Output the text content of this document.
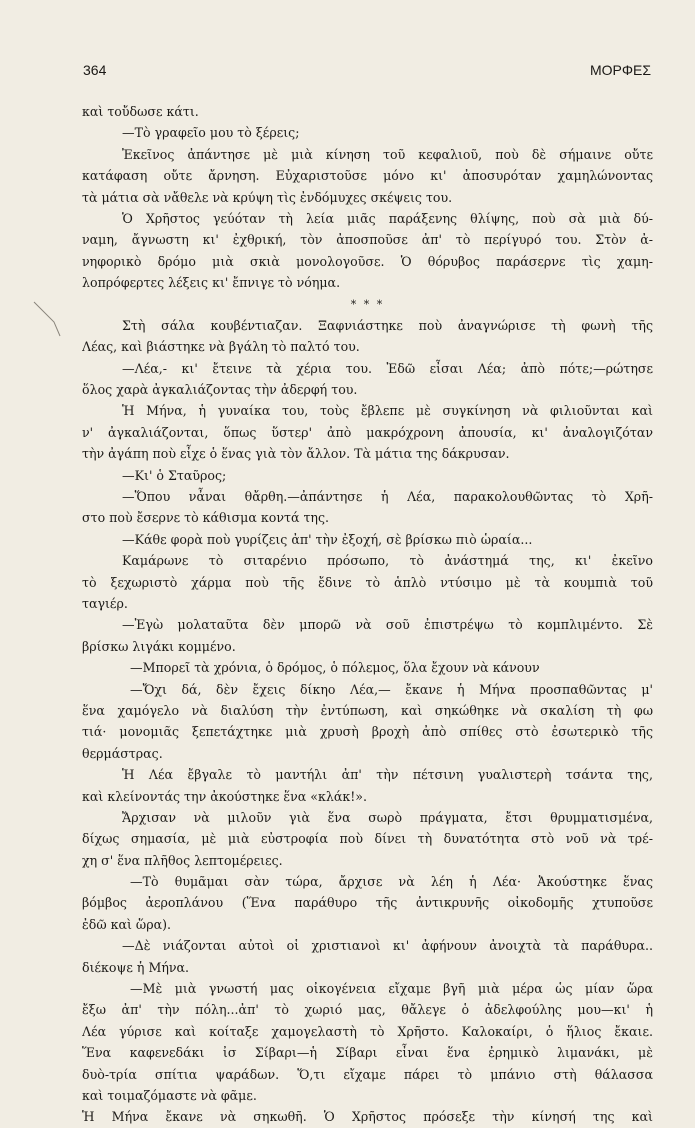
364	ΜΟΡΦΕΣ
καὶ τοὔδωσε κάτι.
—Τὸ γραφεῖο μου τὸ ξέρεις;
Ἐκεῖνος ἀπάντησε μὲ μιὰ κίνηση τοῦ κεφαλιοῦ, ποὺ δὲ σήμαινε οὔτε
κατάφαση οὔτε ἄρνηση. Εὐχαριστοῦσε μόνο κι' ἀποσυρόταν χαμηλώνοντας
τὰ μάτια σὰ νἄθελε νὰ κρύψη τὶς ἐνδόμυχες σκέψεις του.
Ὁ Χρῆστος γεύόταν τὴ λεία μιᾶς παράξενης θλίψης, ποὺ σὰ μιὰ δύ-
ναμη, ἄγνωστη κι' ἐχθρική, τὸν ἀποσποῦσε ἀπ' τὸ περίγυρό του. Στὸν ἀ-
νηφορικὸ δρόμο μιὰ σκιὰ μονολογοῦσε. Ὁ θόρυβος παράσερνε τὶς χαμη-
λοπρόφερτες λέξεις κι' ἔπνιγε τὸ νόημα.
* * *
Στὴ σάλα κουβέντιαζαν. Ξαφνιάστηκε ποὺ ἀναγνώρισε τὴ φωνὴ τῆς
Λέας, καὶ βιάστηκε νὰ βγάλη τὸ παλτό του.
—Λέα,- κι' ἔτεινε τὰ χέρια του. Ἐδῶ εἶσαι Λέα; ἀπὸ πότε;—ρώτησε
ὅλος χαρὰ ἀγκαλιάζοντας τὴν ἀδερφή του.
Ἡ Μήνα, ἡ γυναίκα του, τοὺς ἔβλεπε μὲ συγκίνηση νὰ φιλιοῦνται καὶ
ν' ἀγκαλιάζονται, ὅπως ὕστερ' ἀπὸ μακρόχρονη ἀπουσία, κι' ἀναλογιζόταν
τὴν ἀγάπη ποὺ εἶχε ὁ ἕνας γιὰ τὸν ἄλλον. Τὰ μάτια της δάκρυσαν.
—Κι' ὁ Σταῦρος;
—Ὅπου νἆναι θἄρθη.—ἀπάντησε ἡ Λέα, παρακολουθῶντας τὸ Χρῆ-
στο ποὺ ἔσερνε τὸ κάθισμα κοντά της.
—Κάθε φορὰ ποὺ γυρίζεις ἀπ' τὴν ἐξοχή, σὲ βρίσκω πιὸ ὡραία...
Καμάρωνε τὸ σιταρένιο πρόσωπο, τὸ ἀνάστημά της, κι' ἐκεῖνο
τὸ ξεχωριστὸ χάρμα ποὺ τῆς ἔδινε τὸ ἁπλὸ ντύσιμο μὲ τὰ κουμπιὰ τοῦ
ταγιέρ.
—Ἐγὼ μολαταῦτα δὲν μπορῶ νὰ σοῦ ἐπιστρέψω τὸ κομπλιμέντο. Σὲ
βρίσκω λιγάκι κομμένο.
—Μπορεῖ τὰ χρόνια, ὁ δρόμος, ὁ πόλεμος, ὅλα ἔχουν νὰ κάνουν
—Ὄχι δά, δὲν ἔχεις δίκηο Λέα,— ἔκανε ἡ Μήνα προσπαθῶντας μ'
ἕνα χαμόγελο νὰ διαλύση τὴν ἐντύπωση, καὶ σηκώθηκε νὰ σκαλίση τὴ φω
τιά· μονομιᾶς ξεπετάχτηκε μιὰ χρυσὴ βροχὴ ἀπὸ σπίθες στὸ ἐσωτερικὸ τῆς
θερμάστρας.
Ἡ Λέα ἔβγαλε τὸ μαντήλι ἀπ' τὴν πέτσινη γυαλιστερὴ τσάντα της,
καὶ κλείνοντάς την ἀκούστηκε ἕνα «κλάκ!».
Ἄρχισαν νὰ μιλοῦν γιὰ ἕνα σωρὸ πράγματα, ἔτσι θρυμματισμένα,
δίχως σημασία, μὲ μιὰ εὐστροφία ποὺ δίνει τὴ δυνατότητα στὸ νοῦ νὰ τρέ-
χη σ' ἕνα πλῆθος λεπτομέρειες.
—Τὸ θυμᾶμαι σὰν τώρα, ἄρχισε νὰ λέη ἡ Λέα· Ἀκούστηκε ἕνας
βόμβος ἀεροπλάνου (Ἕνα παράθυρο τῆς ἀντικρυνῆς οἰκοδομῆς χτυποῦσε
ἐδῶ καὶ ὥρα).
—Δὲ νιάζονται αὐτοὶ οἱ χριστιανοὶ κι' ἀφήνουν ἀνοιχτὰ τὰ παράθυρα..
διέκοψε ἡ Μήνα.
—Μὲ μιὰ γνωστή μας οἰκογένεια εἴχαμε βγῆ μιὰ μέρα ὡς μίαν ὥρα
ἔξω ἀπ' τὴν πόλη...ἀπ' τὸ χωριό μας, θἄλεγε ὁ ἀδελφούλης μου—κι' ἡ
Λέα γύρισε καὶ κοίταξε χαμογελαστὴ τὸ Χρῆστο. Καλοκαίρι, ὁ ἥλιος ἔκαιε.
Ἕνα καφενεδάκι ἰσ Σίβαρι—ἡ Σίβαρι εἶναι ἕνα ἐρημικὸ λιμανάκι, μὲ
δυὸ-τρία σπίτια ψαράδων. Ὅ,τι εἴχαμε πάρει τὸ μπάνιο στὴ θάλασσα
καὶ τοιμαζόμαστε νὰ φᾶμε.
Ἡ Μήνα ἔκανε νὰ σηκωθῆ. Ὁ Χρῆστος πρόσεξε τὴν κίνησή της καὶ
